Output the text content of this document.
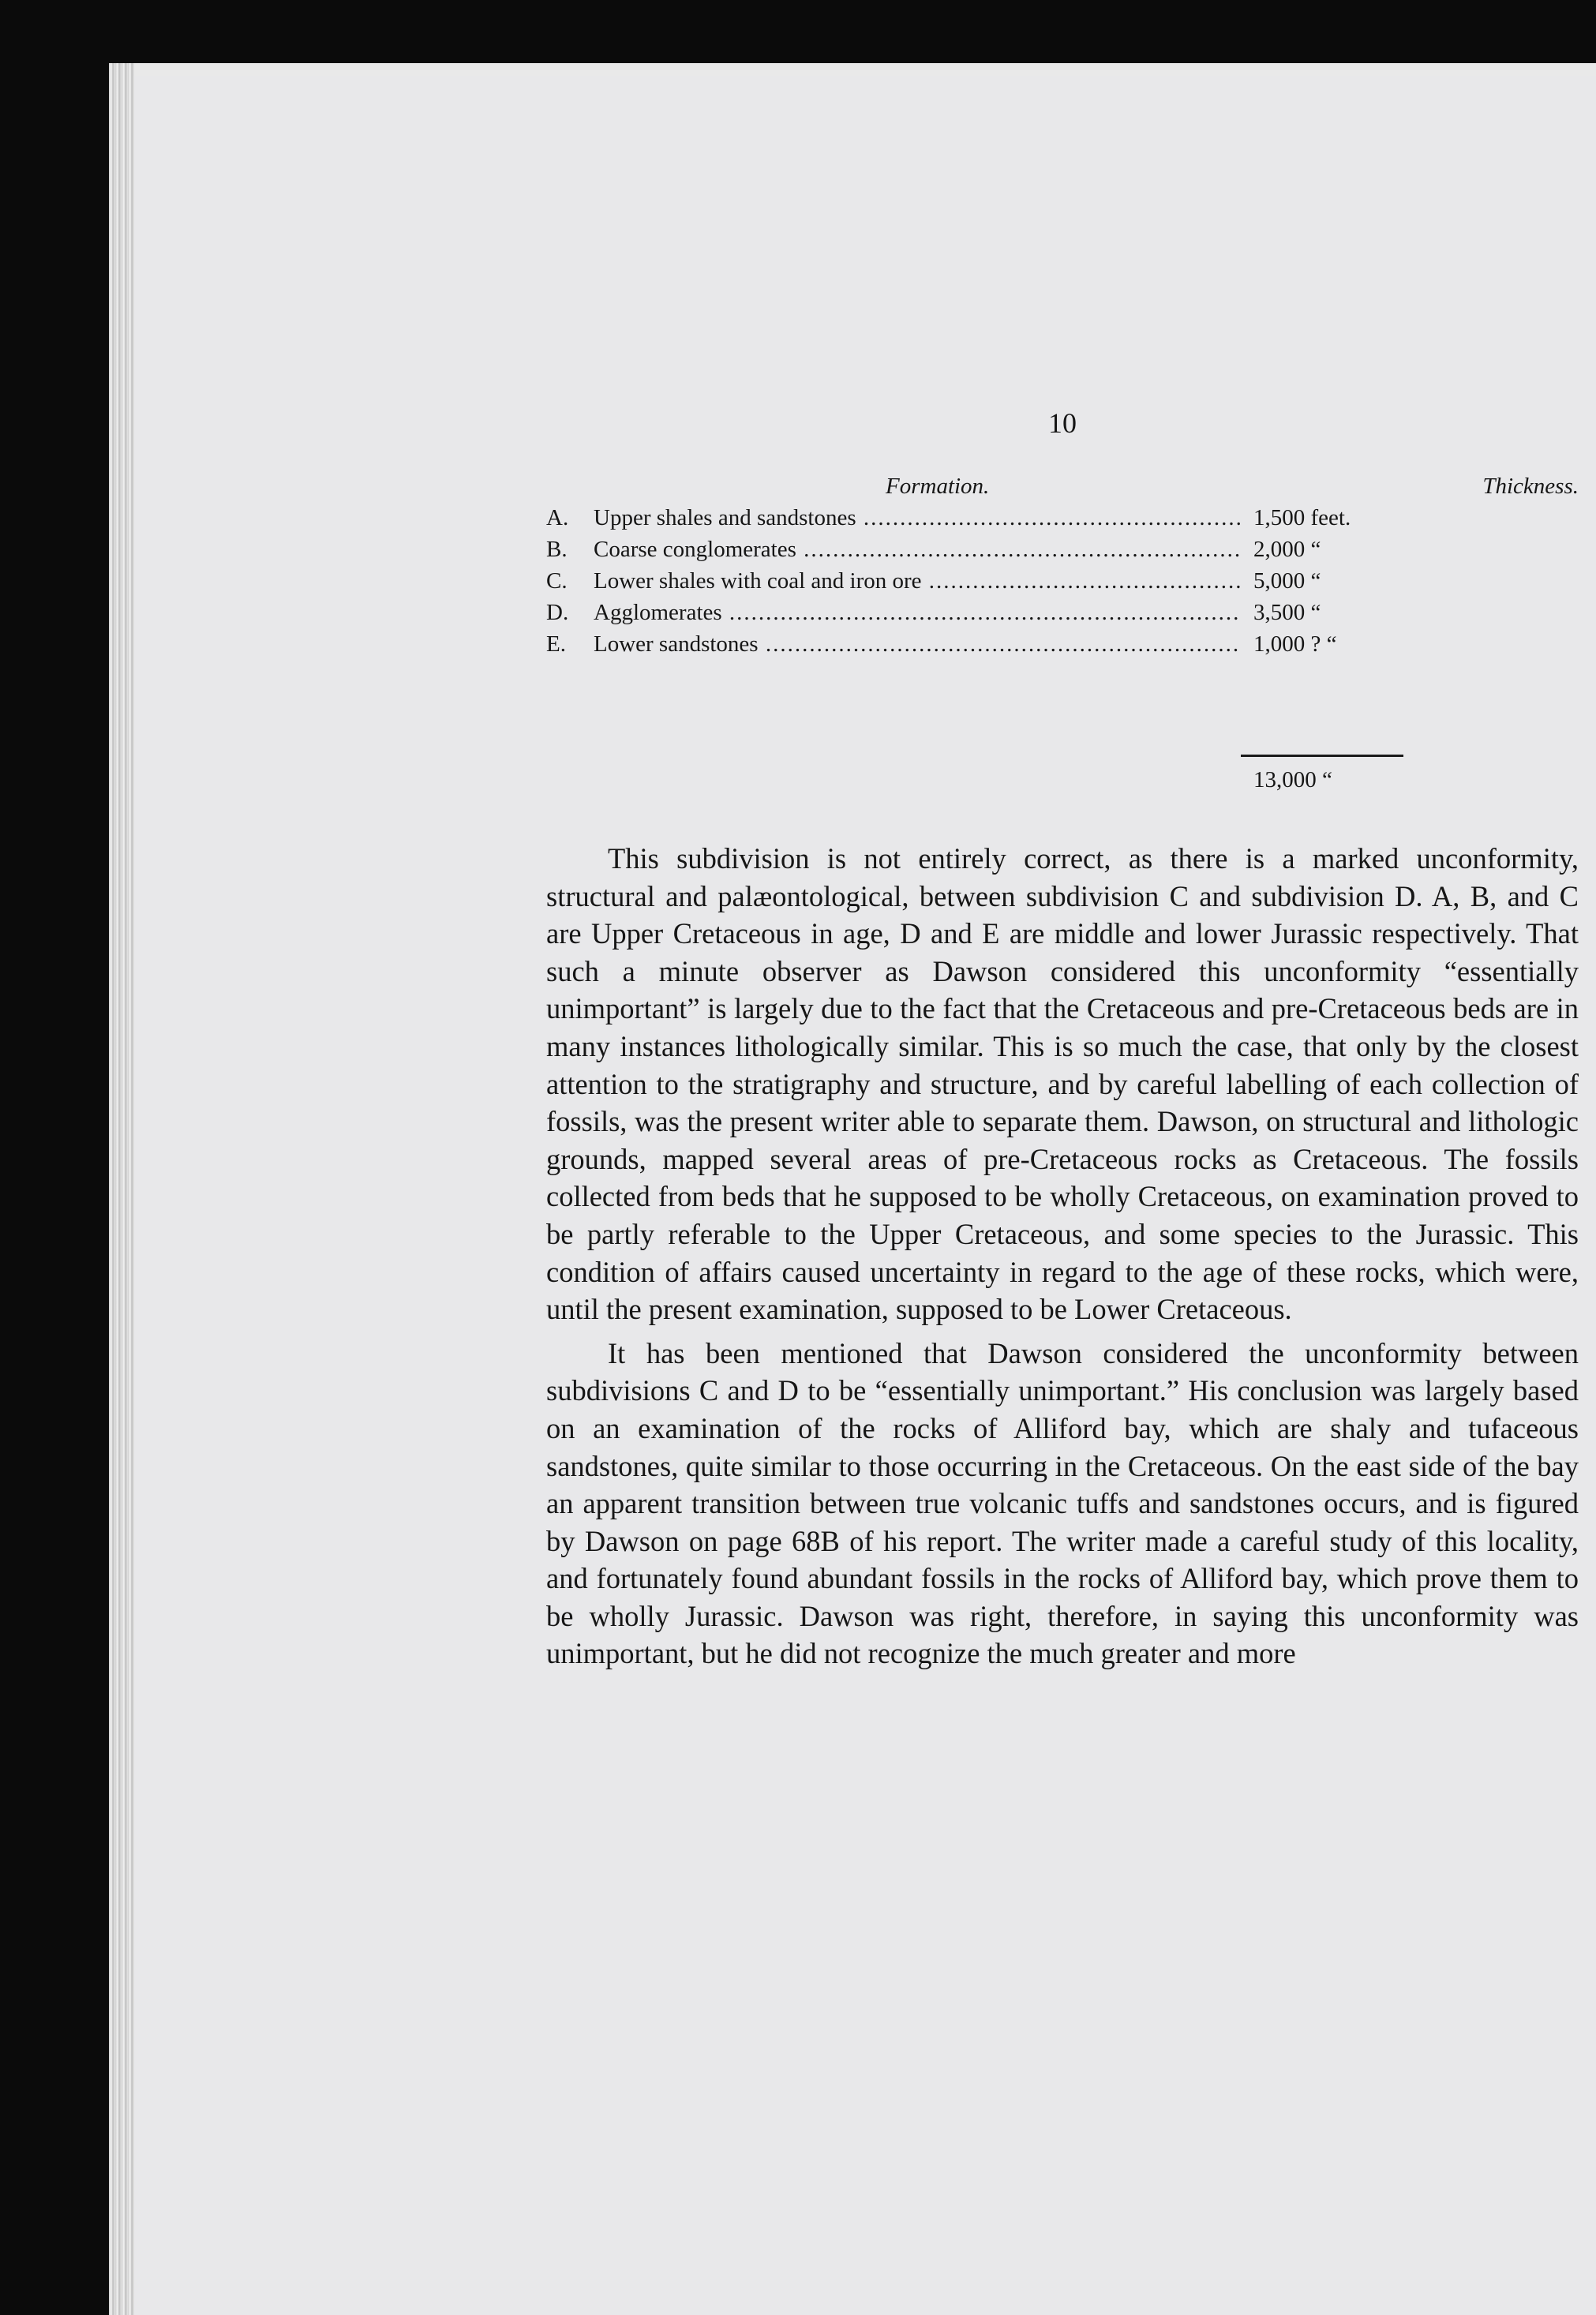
10
Formation.	Thickness.
A.	Upper shales and sandstones .....	1,500 feet.
B.	Coarse conglomerates .....	2,000 “
C.	Lower shales with coal and iron ore .....	5,000 “
D.	Agglomerates .....	3,500 “
E.	Lower sandstones .....	1,000 ? “
13,000 “

This subdivision is not entirely correct, as there is a marked unconformity, structural and palæontological, between subdivision C and subdivision D. A, B, and C are Upper Cretaceous in age, D and E are middle and lower Jurassic respectively. That such a minute observer as Dawson considered this unconformity “essentially unimportant” is largely due to the fact that the Cretaceous and pre-Cretaceous beds are in many instances lithologically similar. This is so much the case, that only by the closest attention to the stratigraphy and structure, and by careful labelling of each collection of fossils, was the present writer able to separate them. Dawson, on structural and lithologic grounds, mapped several areas of pre-Cretaceous rocks as Cretaceous. The fossils collected from beds that he supposed to be wholly Cretaceous, on examination proved to be partly referable to the Upper Cretaceous, and some species to the Jurassic. This condition of affairs caused uncertainty in regard to the age of these rocks, which were, until the present examination, supposed to be Lower Cretaceous.

It has been mentioned that Dawson considered the unconformity between subdivisions C and D to be “essentially unimportant.” His conclusion was largely based on an examination of the rocks of Alliford bay, which are shaly and tufaceous sandstones, quite similar to those occurring in the Cretaceous. On the east side of the bay an apparent transition between true volcanic tuffs and sandstones occurs, and is figured by Dawson on page 68B of his report. The writer made a careful study of this locality, and fortunately found abundant fossils in the rocks of Alliford bay, which prove them to be wholly Jurassic. Dawson was right, therefore, in saying this unconformity was unimportant, but he did not recognize the much greater and more
